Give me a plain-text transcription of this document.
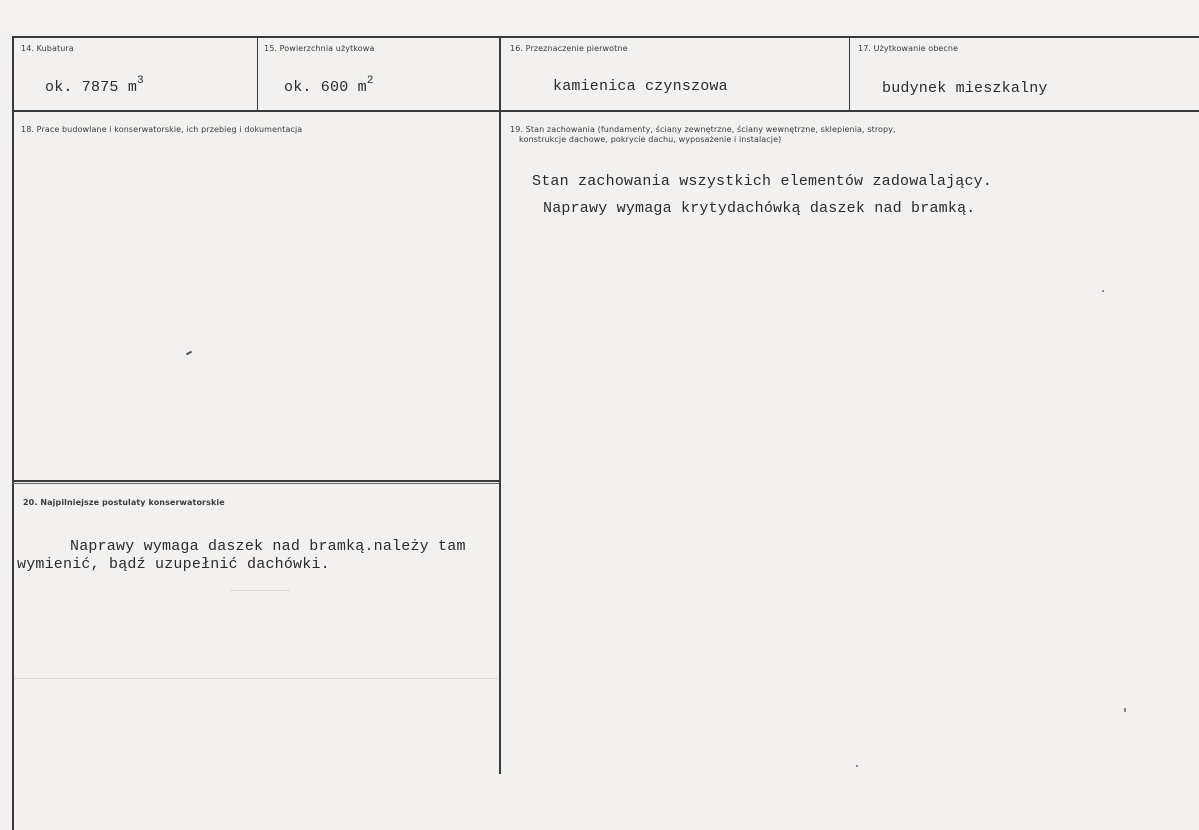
14. Kubatura
ok. 7875 $m^3$
15. Powierzchnia użytkowa
ok. 600 $m^2$
16. Przeznaczenie pierwotne
kamienica czynszowa
17. Użytkowanie obecne
budynek mieszkalny
18. Prace budowlane i konserwatorskie, ich przebieg i dokumentacja	19. Stan zachowania (fundamenty, ściany zewnętrzne, ściany wewnętrzne, sklepienia, stropy,
konstrukcje dachowe, pokrycie dachu, wyposażenie i instalacje)
Stan zachowania wszystkich elementów zadowalający.
Naprawy wymaga krytydachówką daszek nad bramką.
20. Najpilniejsze postulaty konserwatorskie
Naprawy wymaga daszek nad bramką.należy tam
wymienić, bądź uzupełnić dachówki.
